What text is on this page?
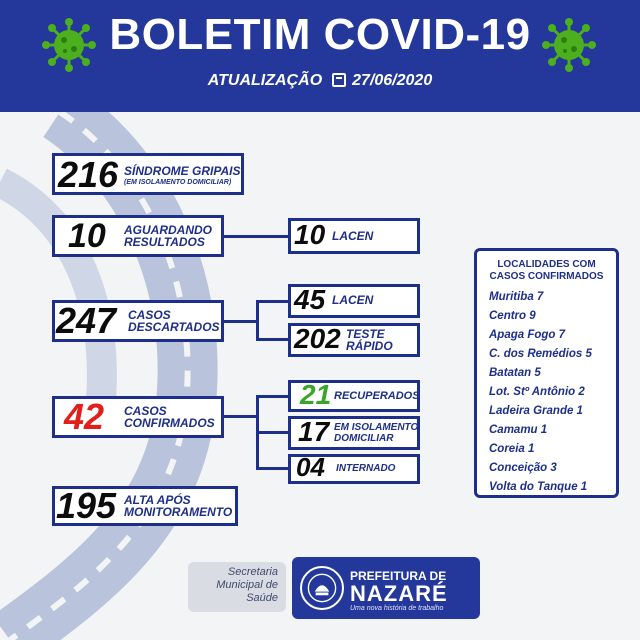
BOLETIM COVID-19
ATUALIZAÇÃO 27/06/2020
216 SÍNDROME GRIPAIS
(EM ISOLAMENTO DOMICILIAR)
10 AGUARDANDO
RESULTADOS	10 LACEN
247 CASOS
DESCARTADOS
45 LACEN
202 TESTE
RÁPIDO
42 CASOS
CONFIRMADOS
21 RECUPERADOS
17 EM ISOLAMENTO
DOMICILIAR
04 INTERNADO
195 ALTA APÓS
MONITORAMENTO
LOCALIDADES COM
CASOS CONFIRMADOS
Muritiba 7
Centro 9
Apaga Fogo 7
C. dos Remédios 5
Batatan 5
Lot. Stº Antônio 2
Ladeira Grande 1
Camamu 1
Coreia 1
Conceição 3
Volta do Tanque 1
Secretaria
Municipal de
Saúde
PREFEITURA DE
NAZARÉ
Uma nova história de trabalho
